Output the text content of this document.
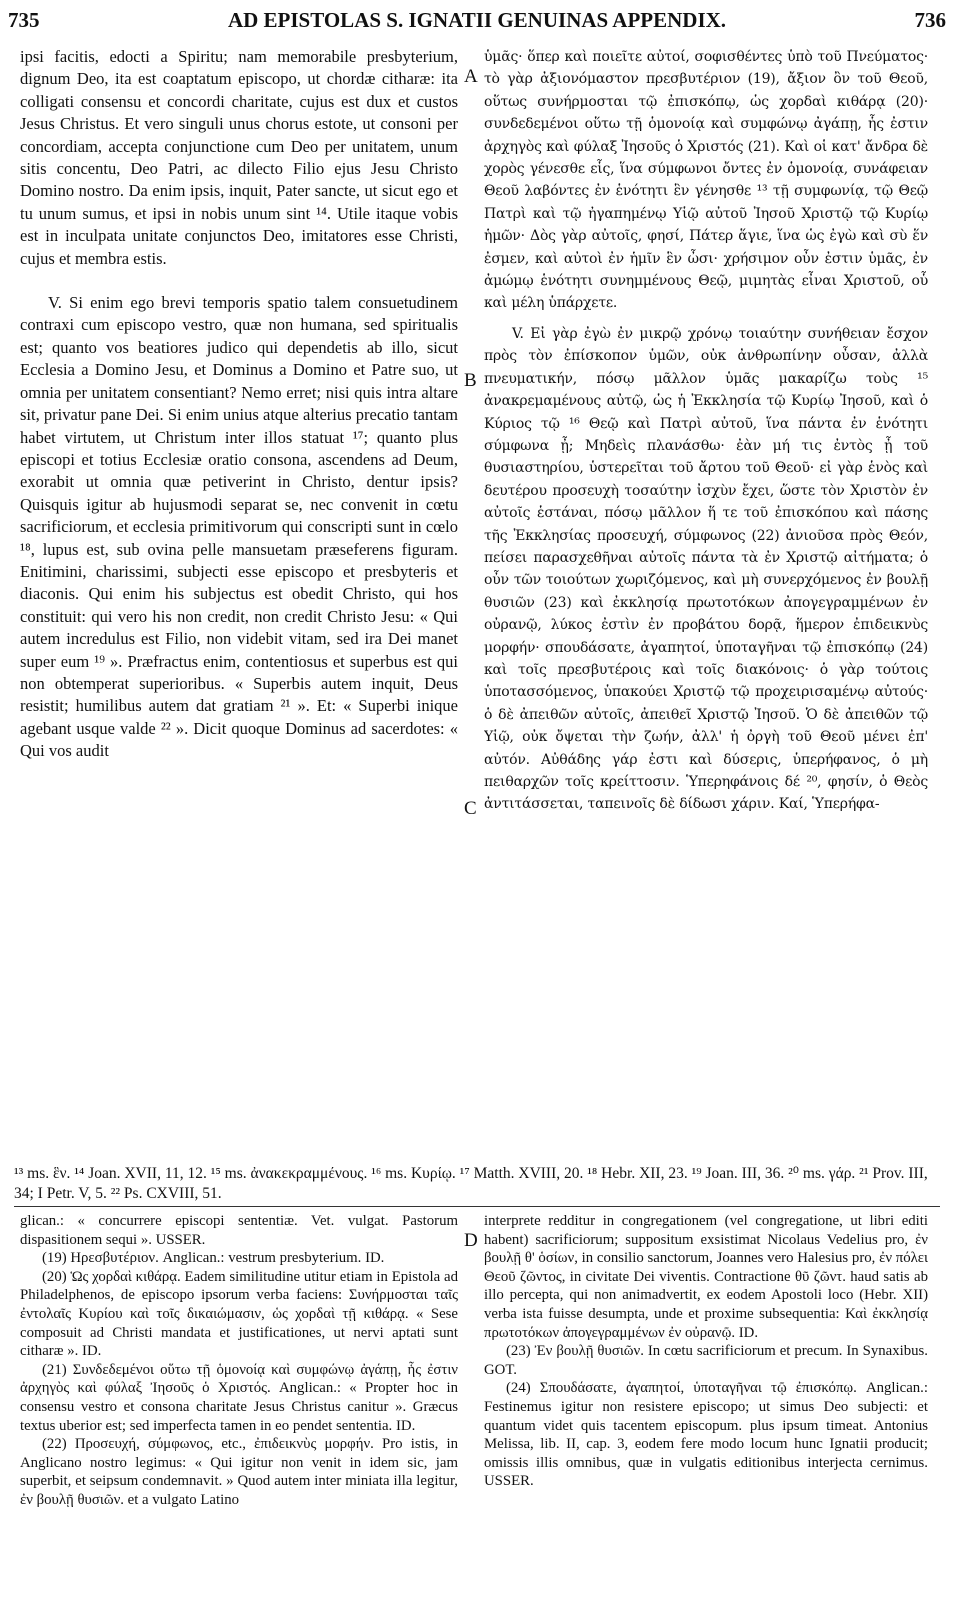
735	AD EPISTOLAS S. IGNATII GENUINAS APPENDIX.	736

ipsi facitis, edocti a Spiritu; nam memorabile presbyterium, dignum Deo, ita est coaptatum episcopo, ut chordæ citharæ: ita colligati consensu et concordi charitate, cujus est dux et custos Jesus Christus. Et vero singuli unus chorus estote, ut consoni per concordiam, accepta conjunctione cum Deo per unitatem, unum sitis concentu, Deo Patri, ac dilecto Filio ejus Jesu Christo Domino nostro. Da enim ipsis, inquit, Pater sancte, ut sicut ego et tu unum sumus, et ipsi in nobis unum sint ¹⁴. Utile itaque vobis est in inculpata unitate conjunctos Deo, imitatores esse Christi, cujus et membra estis.

V. Si enim ego brevi temporis spatio talem consuetudinem contraxi cum episcopo vestro, quæ non humana, sed spiritualis est; quanto vos beatiores judico qui dependetis ab illo, sicut Ecclesia a Domino Jesu, et Dominus a Domino et Patre suo, ut omnia per unitatem consentiant? Nemo erret; nisi quis intra altare sit, privatur pane Dei. Si enim unius atque alterius precatio tantam habet virtutem, ut Christum inter illos statuat ¹⁷; quanto plus episcopi et totius Ecclesiæ oratio consona, ascendens ad Deum, exorabit ut omnia quæ petiverint in Christo, dentur ipsis? Quisquis igitur ab hujusmodi separat se, nec convenit in cœtu sacrificiorum, et ecclesia primitivorum qui conscripti sunt in cœlo ¹⁸, lupus est, sub ovina pelle mansuetam præseferens figuram. Enitimini, charissimi, subjecti esse episcopo et presbyteris et diaconis. Qui enim his subjectus est obedit Christo, qui hos constituit: qui vero his non credit, non credit Christo Jesu: « Qui autem incredulus est Filio, non videbit vitam, sed ira Dei manet super eum ¹⁹ ». Præfractus enim, contentiosus et superbus est qui non obtemperat superioribus. « Superbis autem inquit, Deus resistit; humilibus autem dat gratiam ²¹ ». Et: « Superbi inique agebant usque valde ²² ». Dicit quoque Dominus ad sacerdotes: « Qui vos audit

A
B
C
D

ὑμᾶς· ὅπερ καὶ ποιεῖτε αὐτοί, σοφισθέντες ὑπὸ τοῦ Πνεύματος· τὸ γὰρ ἀξιονόμαστον πρεσβυτέριον (19), ἄξιον ὂν τοῦ Θεοῦ, οὕτως συνήρμοσται τῷ ἐπισκόπῳ, ὡς χορδαὶ κιθάρᾳ (20)· συνδεδεμένοι οὕτω τῇ ὁμονοίᾳ καὶ συμφώνῳ ἀγάπῃ, ἧς ἐστιν ἀρχηγὸς καὶ φύλαξ Ἰησοῦς ὁ Χριστός (21). Καὶ οἱ κατ' ἄνδρα δὲ χορὸς γένεσθε εἷς, ἵνα σύμφωνοι ὄντες ἐν ὁμονοίᾳ, συνάφειαν Θεοῦ λαβόντες ἐν ἑνότητι ἓν γένησθε ¹³ τῇ συμφωνίᾳ, τῷ Θεῷ Πατρὶ καὶ τῷ ἠγαπημένῳ Υἱῷ αὐτοῦ Ἰησοῦ Χριστῷ τῷ Κυρίῳ ἡμῶν· Δὸς γὰρ αὐτοῖς, φησί, Πάτερ ἅγιε, ἵνα ὡς ἐγὼ καὶ σὺ ἕν ἐσμεν, καὶ αὐτοὶ ἐν ἡμῖν ἓν ὦσι· χρήσιμον οὖν ἐστιν ὑμᾶς, ἐν ἀμώμῳ ἑνότητι συνημμένους Θεῷ, μιμητὰς εἶναι Χριστοῦ, οὗ καὶ μέλη ὑπάρχετε.

V. Εἰ γὰρ ἐγὼ ἐν μικρῷ χρόνῳ τοιαύτην συνήθειαν ἔσχον πρὸς τὸν ἐπίσκοπον ὑμῶν, οὐκ ἀνθρωπίνην οὖσαν, ἀλλὰ πνευματικήν, πόσῳ μᾶλλον ὑμᾶς μακαρίζω τοὺς ¹⁵ ἀνακρεμαμένους αὐτῷ, ὡς ἡ Ἐκκλησία τῷ Κυρίῳ Ἰησοῦ, καὶ ὁ Κύριος τῷ ¹⁶ Θεῷ καὶ Πατρὶ αὐτοῦ, ἵνα πάντα ἐν ἑνότητι σύμφωνα ᾖ; Μηδεὶς πλανάσθω· ἐὰν μή τις ἐντὸς ᾖ τοῦ θυσιαστηρίου, ὑστερεῖται τοῦ ἄρτου τοῦ Θεοῦ· εἰ γὰρ ἑνὸς καὶ δευτέρου προσευχὴ τοσαύτην ἰσχὺν ἔχει, ὥστε τὸν Χριστὸν ἐν αὐτοῖς ἑστάναι, πόσῳ μᾶλλον ἥ τε τοῦ ἐπισκόπου καὶ πάσης τῆς Ἐκκλησίας προσευχή, σύμφωνος (22) ἀνιοῦσα πρὸς Θεόν, πείσει παρασχεθῆναι αὐτοῖς πάντα τὰ ἐν Χριστῷ αἰτήματα; ὁ οὖν τῶν τοιούτων χωριζόμενος, καὶ μὴ συνερχόμενος ἐν βουλῇ θυσιῶν (23) καὶ ἐκκλησίᾳ πρωτοτόκων ἀπογεγραμμένων ἐν οὐρανῷ, λύκος ἐστὶν ἐν προβάτου δορᾷ, ἥμερον ἐπιδεικνὺς μορφήν· σπουδάσατε, ἀγαπητοί, ὑποταγῆναι τῷ ἐπισκόπῳ (24) καὶ τοῖς πρεσβυτέροις καὶ τοῖς διακόνοις· ὁ γὰρ τούτοις ὑποτασσόμενος, ὑπακούει Χριστῷ τῷ προχειρισαμένῳ αὐτούς· ὁ δὲ ἀπειθῶν αὐτοῖς, ἀπειθεῖ Χριστῷ Ἰησοῦ. Ὁ δὲ ἀπειθῶν τῷ Υἱῷ, οὐκ ὄψεται τὴν ζωήν, ἀλλ' ἡ ὀργὴ τοῦ Θεοῦ μένει ἐπ' αὐτόν. Αὐθάδης γάρ ἐστι καὶ δύσερις, ὑπερήφανος, ὁ μὴ πειθαρχῶν τοῖς κρείττοσιν. Ὑπερηφάνοις δέ ²⁰, φησίν, ὁ Θεὸς ἀντιτάσσεται, ταπεινοῖς δὲ δίδωσι χάριν. Καί, Ὑπερήφα-

¹³ ms. ἓν. ¹⁴ Joan. XVII, 11, 12. ¹⁵ ms. ἀνακεκραμμένους. ¹⁶ ms. Κυρίῳ. ¹⁷ Matth. XVIII, 20. ¹⁸ Hebr. XII, 23. ¹⁹ Joan. III, 36. ²⁰ ms. γάρ. ²¹ Prov. III, 34; I Petr. V, 5. ²² Ps. CXVIII, 51.

glican.: « concurrere episcopi sententiæ. Vet. vulgat. Pastorum dispasitionem sequi ». USSER.

(19) Ηρεσβυτέριον. Anglican.: vestrum presbyterium. ID.

(20) Ὡς χορδαὶ κιθάρᾳ. Eadem similitudine utitur etiam in Epistola ad Philadelphenos, de episcopo ipsorum verba faciens: Συνήρμοσται ταῖς ἐντολαῖς Κυρίου καὶ τοῖς δικαιώμασιν, ὡς χορδαὶ τῇ κιθάρᾳ. « Sese composuit ad Christi mandata et justificationes, ut nervi aptati sunt citharæ ». ID.

(21) Συνδεδεμένοι οὕτω τῇ ὁμονοίᾳ καὶ συμφώνῳ ἀγάπῃ, ἧς ἐστιν ἀρχηγὸς καὶ φύλαξ Ἰησοῦς ὁ Χριστός. Anglican.: « Propter hoc in consensu vestro et consona charitate Jesus Christus canitur ». Græcus textus uberior est; sed imperfecta tamen in eo pendet sententia. ID.

(22) Προσευχή, σύμφωνος, etc., ἐπιδεικνὺς μορφήν. Pro istis, in Anglicano nostro legimus: « Qui igitur non venit in idem sic, jam superbit, et seipsum condemnavit. » Quod autem inter miniata illa legitur, ἐν βουλῇ θυσιῶν. et a vulgato Latino

interprete redditur in congregationem (vel congregatione, ut libri editi habent) sacrificiorum; suppositum exsistimat Nicolaus Vedelius pro, ἐν βουλῇ θ' ὁσίων, in consilio sanctorum, Joannes vero Halesius pro, ἐν πόλει Θεοῦ ζῶντος, in civitate Dei viventis. Contractione θῦ ζῶντ. haud satis ab illo percepta, qui non animadvertit, ex eodem Apostoli loco (Hebr. XII) verba ista fuisse desumpta, unde et proxime subsequentia: Καὶ ἐκκλησίᾳ πρωτοτόκων ἀπογεγραμμένων ἐν οὐρανῷ. ID.

(23) Ἐν βουλῇ θυσιῶν. In cœtu sacrificiorum et precum. In Synaxibus. GOT.

(24) Σπουδάσατε, ἀγαπητοί, ὑποταγῆναι τῷ ἐπισκόπῳ. Anglican.: Festinemus igitur non resistere episcopo; ut simus Deo subjecti: et quantum videt quis tacentem episcopum. plus ipsum timeat. Antonius Melissa, lib. II, cap. 3, eodem fere modo locum hunc Ignatii producit; omissis illis omnibus, quæ in vulgatis editionibus interjecta cernimus. USSER.
